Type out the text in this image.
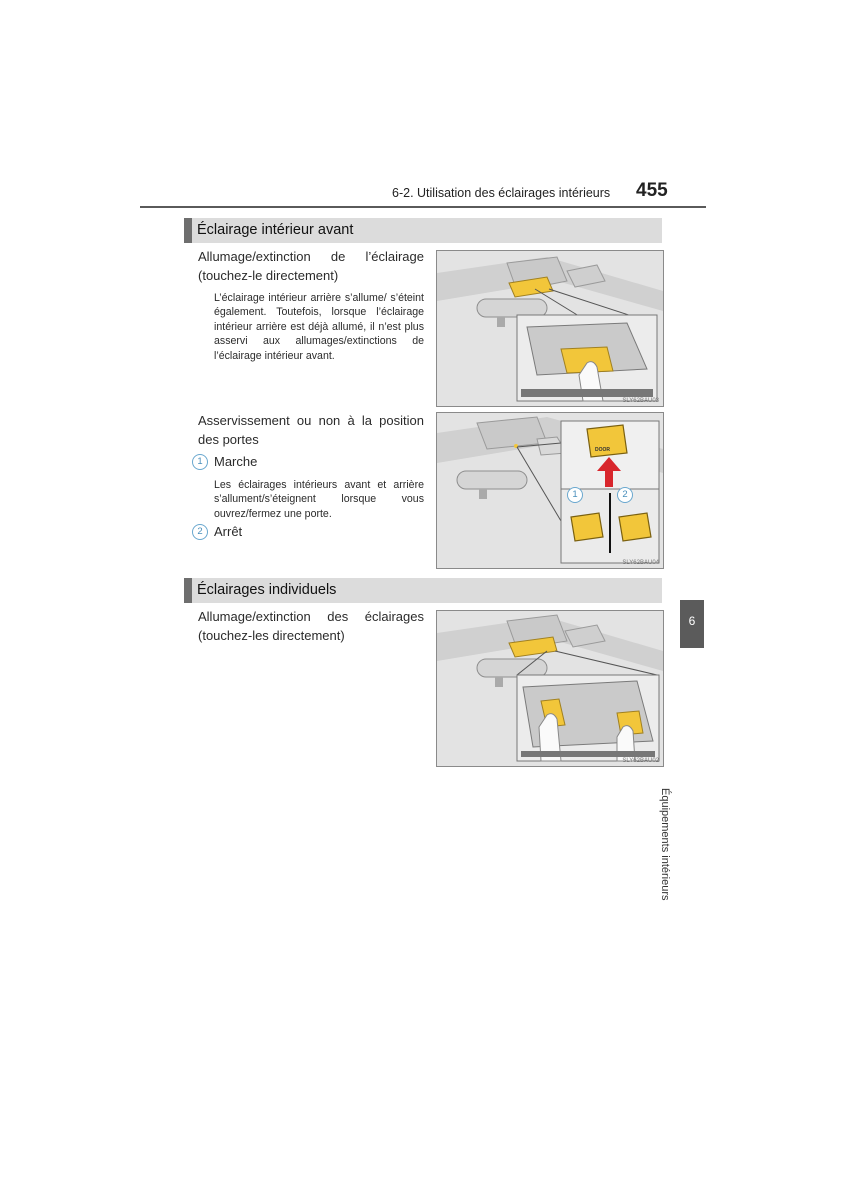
6-2. Utilisation des éclairages intérieurs 455
Éclairage intérieur avant
Allumage/extinction de l’éclairage (touchez-le directement)
L’éclairage intérieur arrière s’allume/ s’éteint également. Toutefois, lorsque l’éclairage intérieur arrière est déjà allumé, il n’est plus asservi aux allumages/extinctions de l’éclairage intérieur avant.
SLY62BAU03
Asservissement ou non à la position des portes
1 Marche
Les éclairages intérieurs avant et arrière s’allument/s’éteignent lorsque vous ouvrez/fermez une porte.
2 Arrêt
1	2
DOOR
SLY62BAU04
Éclairages individuels
Allumage/extinction des éclairages (touchez-les directement)
SLY62BAU02
6
Équipements intérieurs
